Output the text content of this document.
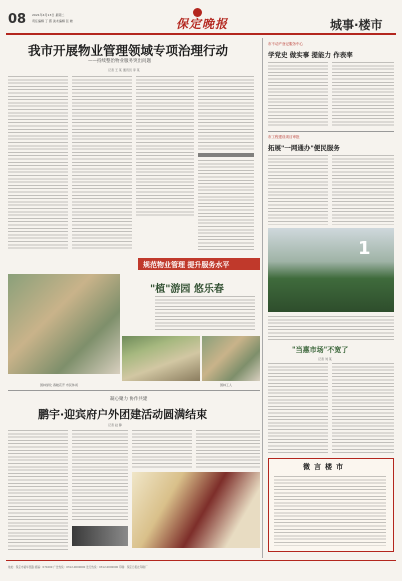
08 2021年4月13日 星期二
责任编辑 丁 霞 美术编辑 张 晓	保定晚报	城事·楼市
我市开展物业管理领域专项治理行动
——持续整治物业服务突出问题
记者 王 某 通讯员 李 某
规范物业管理 提升服务水平
"植"游园 悠乐春
园林绿化 春暖花开 市民休闲	园林工人
凝心聚力 协作共建
鹏宇·迎宾府户外团建活动圆满结束
记者 赵 静
市不动产登记服务中心
学党史 做实事 提能力 作表率
市工程建设项目审批
拓展"一网通办"便民服务
1
"当惠市场"不宽了
记者 刘 某
微言楼市
地址：保定市裕华西路 邮编：071000 广告热线：0312-0000000 发行热线：0312-0000000 印刷：保定日报社印刷厂
